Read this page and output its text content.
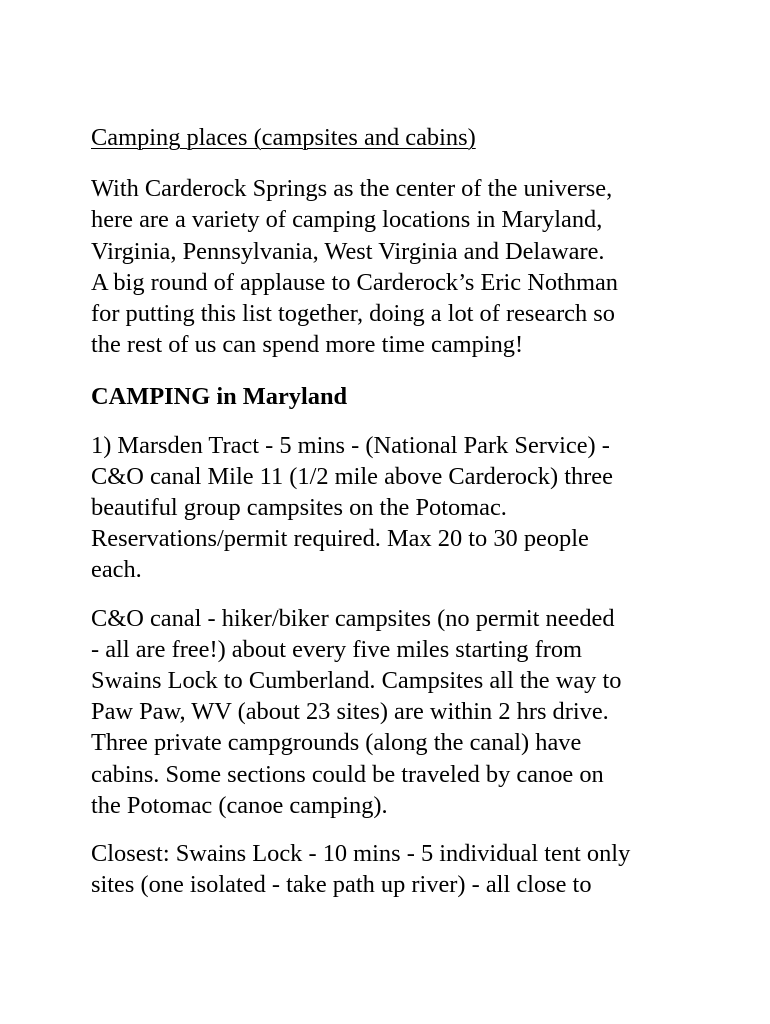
Camping places (campsites and cabins)

With Carderock Springs as the center of the universe,
here are a variety of camping locations in Maryland,
Virginia, Pennsylvania, West Virginia and Delaware.
A big round of applause to Carderock’s Eric Nothman
for putting this list together, doing a lot of research so
the rest of us can spend more time camping!

CAMPING in Maryland

1) Marsden Tract - 5 mins - (National Park Service) -
C&O canal Mile 11 (1/2 mile above Carderock) three
beautiful group campsites on the Potomac.
Reservations/permit required. Max 20 to 30 people
each.

C&O canal - hiker/biker campsites (no permit needed
- all are free!) about every five miles starting from
Swains Lock to Cumberland. Campsites all the way to
Paw Paw, WV (about 23 sites) are within 2 hrs drive.
Three private campgrounds (along the canal) have
cabins. Some sections could be traveled by canoe on
the Potomac (canoe camping).

Closest: Swains Lock - 10 mins - 5 individual tent only
sites (one isolated - take path up river) - all close to
